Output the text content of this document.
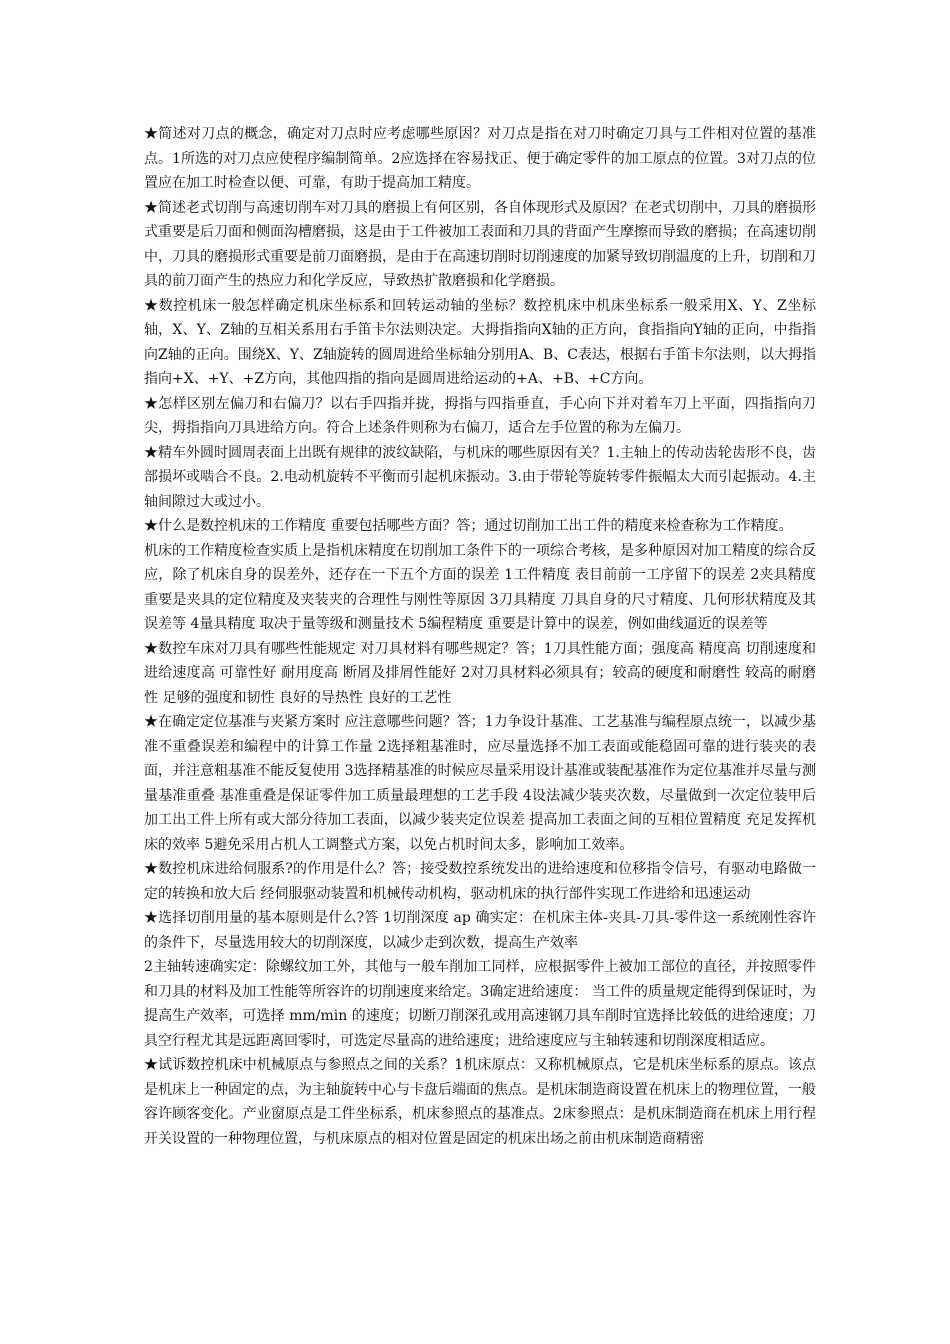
★简述对刀点的概念，确定对刀点时应考虑哪些原因？对刀点是指在对刀时确定刀具与工件相对位置的基准点。1所选的对刀点应使程序编制简单。2应选择在容易找正、便于确定零件的加工原点的位置。3对刀点的位置应在加工时检查以便、可靠，有助于提高加工精度。

★简述老式切削与高速切削车对刀具的磨损上有何区别，各自体现形式及原因？在老式切削中，刀具的磨损形式重要是后刀面和侧面沟槽磨损，这是由于工件被加工表面和刀具的背面产生摩擦而导致的磨损；在高速切削中，刀具的磨损形式重要是前刀面磨损，是由于在高速切削时切削速度的加紧导致切削温度的上升，切削和刀具的前刀面产生的热应力和化学反应，导致热扩散磨损和化学磨损。

★数控机床一般怎样确定机床坐标系和回转运动轴的坐标？数控机床中机床坐标系一般采用X、Y、Z坐标轴，X、Y、Z轴的互相关系用右手笛卡尔法则决定。大拇指指向X轴的正方向，食指指向Y轴的正向，中指指向Z轴的正向。围绕X、Y、Z轴旋转的圆周进给坐标轴分别用A、B、C表达，根据右手笛卡尔法则，以大拇指指向+X、+Y、+Z方向，其他四指的指向是圆周进给运动的+A、+B、+C方向。

★怎样区别左偏刀和右偏刀？以右手四指并拢，拇指与四指垂直，手心向下并对着车刀上平面，四指指向刀尖，拇指指向刀具进给方向。符合上述条件则称为右偏刀，适合左手位置的称为左偏刀。

★精车外圆时圆周表面上出既有规律的波纹缺陷，与机床的哪些原因有关？1.主轴上的传动齿轮齿形不良，齿部损坏或啮合不良。2.电动机旋转不平衡而引起机床振动。3.由于带轮等旋转零件振幅太大而引起振动。4.主轴间隙过大或过小。

★什么是数控机床的工作精度 重要包括哪些方面？答；通过切削加工出工件的精度来检查称为工作精度。

机床的工作精度检查实质上是指机床精度在切削加工条件下的一项综合考核，是多种原因对加工精度的综合反应，除了机床自身的误差外，还存在一下五个方面的误差 1工件精度 表目前前一工序留下的误差 2夹具精度 重要是夹具的定位精度及夹装夹的合理性与刚性等原因 3刀具精度 刀具自身的尺寸精度、几何形状精度及其误差等 4量具精度 取决于量等级和测量技术 5编程精度 重要是计算中的误差，例如曲线逼近的误差等

★数控车床对刀具有哪些性能规定 对刀具材料有哪些规定？答；1刀具性能方面；强度高 精度高 切削速度和进给速度高 可靠性好 耐用度高 断屑及排屑性能好 2对刀具材料必须具有；较高的硬度和耐磨性 较高的耐磨性 足够的强度和韧性 良好的导热性 良好的工艺性

★在确定定位基准与夹紧方案时 应注意哪些问题？答；1力争设计基准、工艺基准与编程原点统一，以减少基准不重叠误差和编程中的计算工作量 2选择粗基准时，应尽量选择不加工表面或能稳固可靠的进行装夹的表面，并注意粗基准不能反复使用 3选择精基准的时候应尽量采用设计基准或装配基准作为定位基准并尽量与测量基准重叠 基准重叠是保证零件加工质量最理想的工艺手段 4设法减少装夹次数，尽量做到一次定位装甲后加工出工件上所有或大部分待加工表面，以减少装夹定位误差 提高加工表面之间的互相位置精度 充足发挥机床的效率 5避免采用占机人工调整式方案，以免占机时间太多，影响加工效率。

★数控机床进给伺服系?的作用是什么？答；接受数控系统发出的进给速度和位移指令信号，有驱动电路做一定的转换和放大后 经伺服驱动装置和机械传动机构，驱动机床的执行部件实现工作进给和迅速运动

★选择切削用量的基本原则是什么?答 1切削深度 ap 确实定：在机床主体-夹具-刀具-零件这一系统刚性容许的条件下，尽量选用较大的切削深度，以减少走到次数，提高生产效率

2主轴转速确实定：除螺纹加工外，其他与一般车削加工同样，应根据零件上被加工部位的直径，并按照零件和刀具的材料及加工性能等所容许的切削速度来给定。3确定进给速度： 当工件的质量规定能得到保证时，为提高生产效率，可选择 mm/min 的速度；切断刀削深孔或用高速钢刀具车削时宜选择比较低的进给速度；刀具空行程尤其是远距离回零时，可选定尽量高的进给速度；进给速度应与主轴转速和切削深度相适应。

★试诉数控机床中机械原点与参照点之间的关系？1机床原点：又称机械原点，它是机床坐标系的原点。该点是机床上一种固定的点，为主轴旋转中心与卡盘后端面的焦点。是机床制造商设置在机床上的物理位置，一般容许顾客变化。产业窗原点是工件坐标系，机床参照点的基准点。2床参照点：是机床制造商在机床上用行程开关设置的一种物理位置，与机床原点的相对位置是固定的机床出场之前由机床制造商精密
